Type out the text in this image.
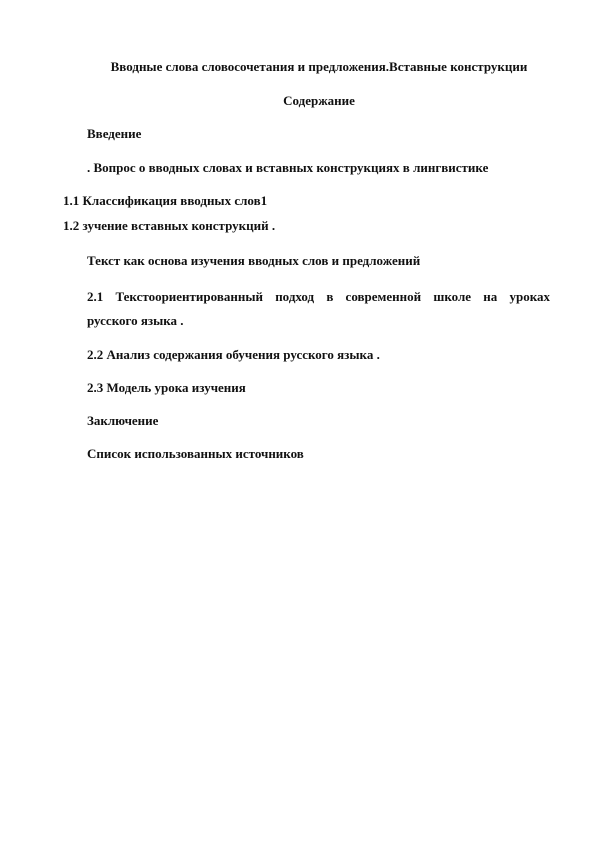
Вводные слова словосочетания и предложения.Вставные конструкции
Содержание
Введение
. Вопрос о вводных словах и вставных конструкциях в лингвистике
1.1 Классификация вводных слов1
1.2 зучение вставных конструкций .
Текст как основа изучения вводных слов и предложений
2.1 Текстоориентированный подход в современной школе на уроках
русского языка .
2.2 Анализ содержания обучения русского языка .
2.3 Модель урока изучения
Заключение
Список использованных источников
